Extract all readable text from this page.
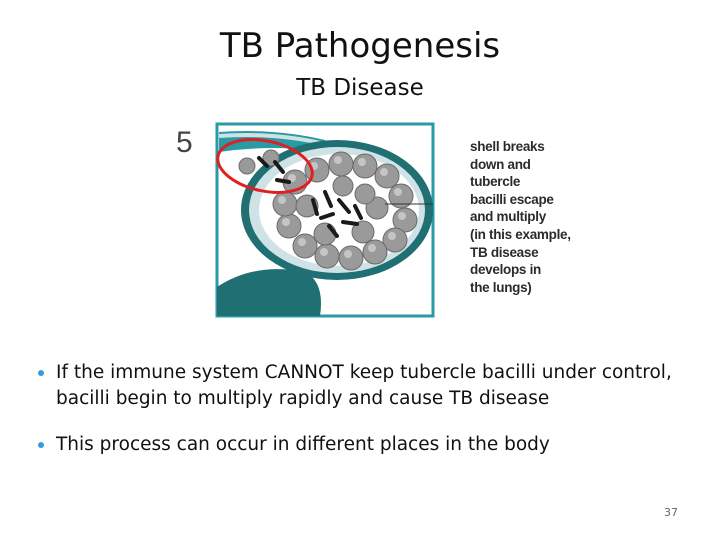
TB Pathogenesis
TB Disease
5	shell breaks
down and
tubercle
bacilli escape
and multiply
(in this example,
TB disease
develops in
the lungs)
If the immune system CANNOT keep tubercle bacilli under control, bacilli begin to multiply rapidly and cause TB disease
This process can occur in different places in the body
37
